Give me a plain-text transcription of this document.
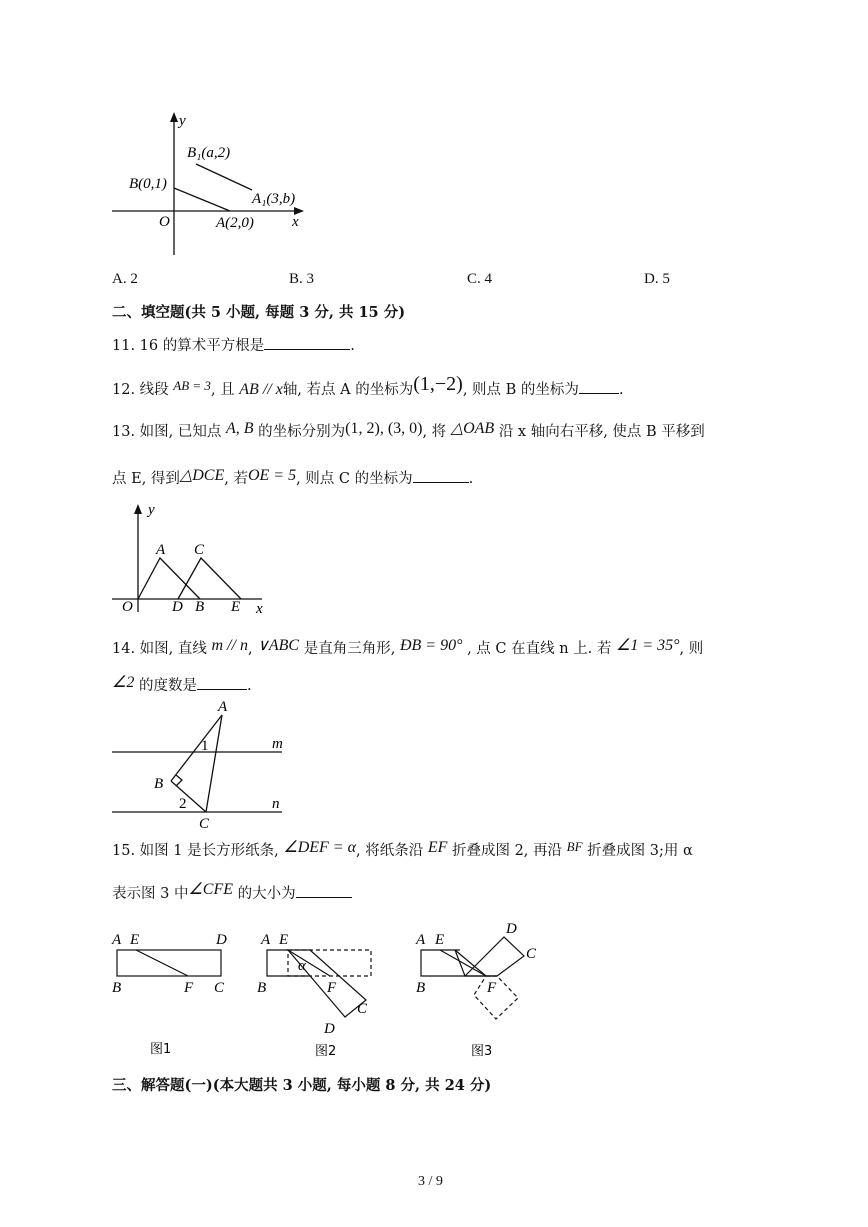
y
x
O
B₁(a,2)
B(0,1)
A₁(3,b)
A(2,0)
A. 2	B. 3	C. 4	D. 5
二、填空题(共 5 小题, 每题 3 分, 共 15 分)
11. 16 的算术平方根是	.
12. 线段 AB = 3, 且 AB // x轴, 若点 A 的坐标为(1,−2), 则点 B 的坐标为	.
13. 如图, 已知点 A, B 的坐标分别为(1, 2), (3, 0), 将 △OAB 沿 x 轴向右平移, 使点 B 平移到
点 E, 得到△DCE, 若OE = 5, 则点 C 的坐标为	.
y
x
O
A C
D B E
14. 如图, 直线 m // n, ∨ABC 是直角三角形, ÐB = 90° , 点 C 在直线 n 上. 若 ∠1 = 35°, 则
∠2 的度数是	.
A
1	m
B
2	n
C
15. 如图 1 是长方形纸条, ∠DEF = α, 将纸条沿 EF 折叠成图 2, 再沿 BF 折叠成图 3;用 α
表示图 3 中∠CFE 的大小为
A E	D
B	F C
图1
A E
α
B	F
C
D
图2
A E
D
C
B	F
图3
三、解答题(一)(本大题共 3 小题, 每小题 8 分, 共 24 分)
3 / 9
